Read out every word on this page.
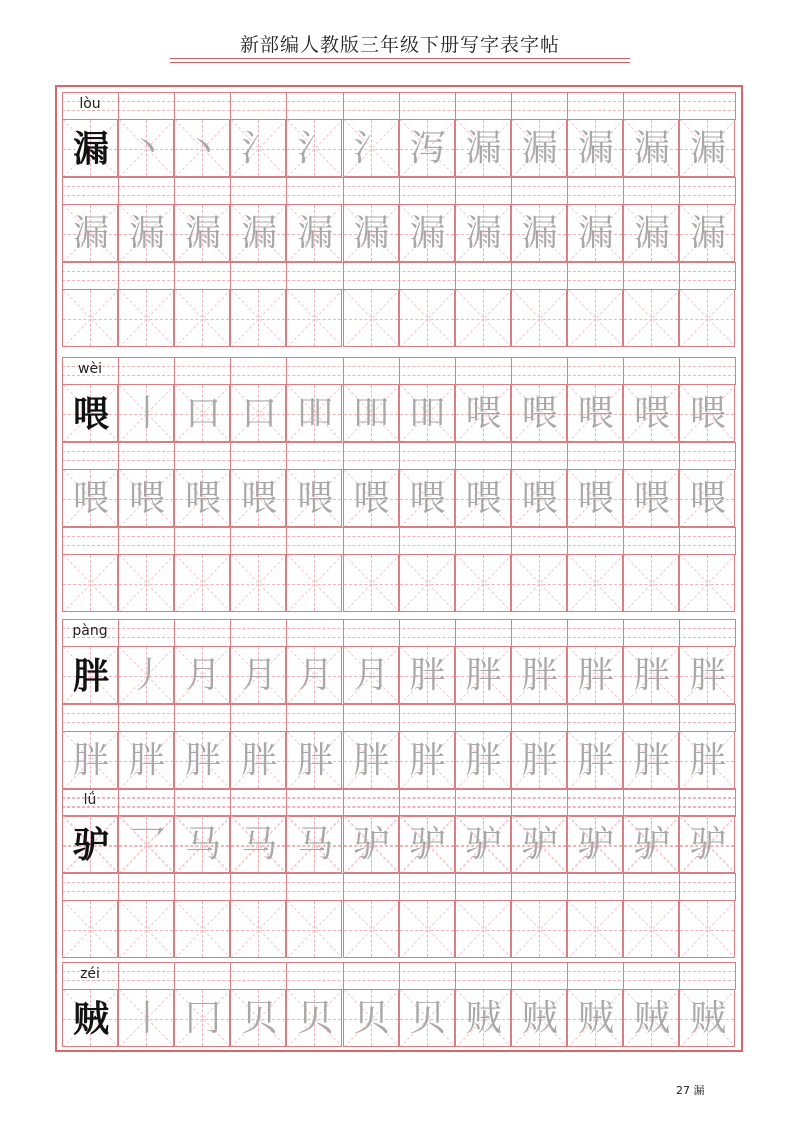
新部编人教版三年级下册写字表字帖
27 漏
lòu
漏 丶 丶 氵 氵 氵 泻 漏 漏 漏 漏 漏
漏 漏 漏 漏 漏 漏 漏 漏 漏 漏 漏 漏
wèi
喂 丨 口 口 吅 吅 吅 喂 喂 喂 喂 喂
喂 喂 喂 喂 喂 喂 喂 喂 喂 喂 喂 喂
pàng
胖 丿 月 月 月 月 胖 胖 胖 胖 胖 胖
胖 胖 胖 胖 胖 胖 胖 胖 胖 胖 胖 胖
lǘ
驴 乛 马 马 马 驴 驴 驴 驴 驴 驴 驴
zéi
贼 丨 冂 贝 贝 贝 贝 贼 贼 贼 贼 贼
